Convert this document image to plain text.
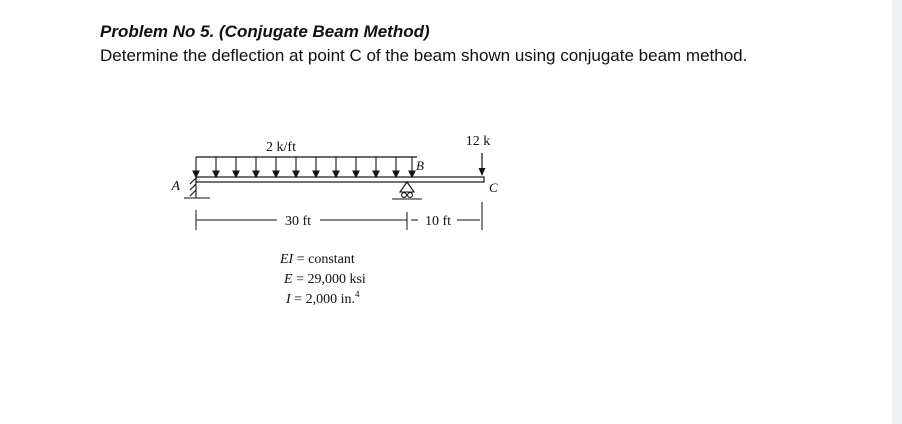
Problem No 5. (Conjugate Beam Method)
Determine the deflection at point C of the beam shown using conjugate beam method.
2 k/ft
A
B
12 k
C
30 ft	10 ft
EI = constant
E = 29,000 ksi
I = 2,000 in.$^4$
